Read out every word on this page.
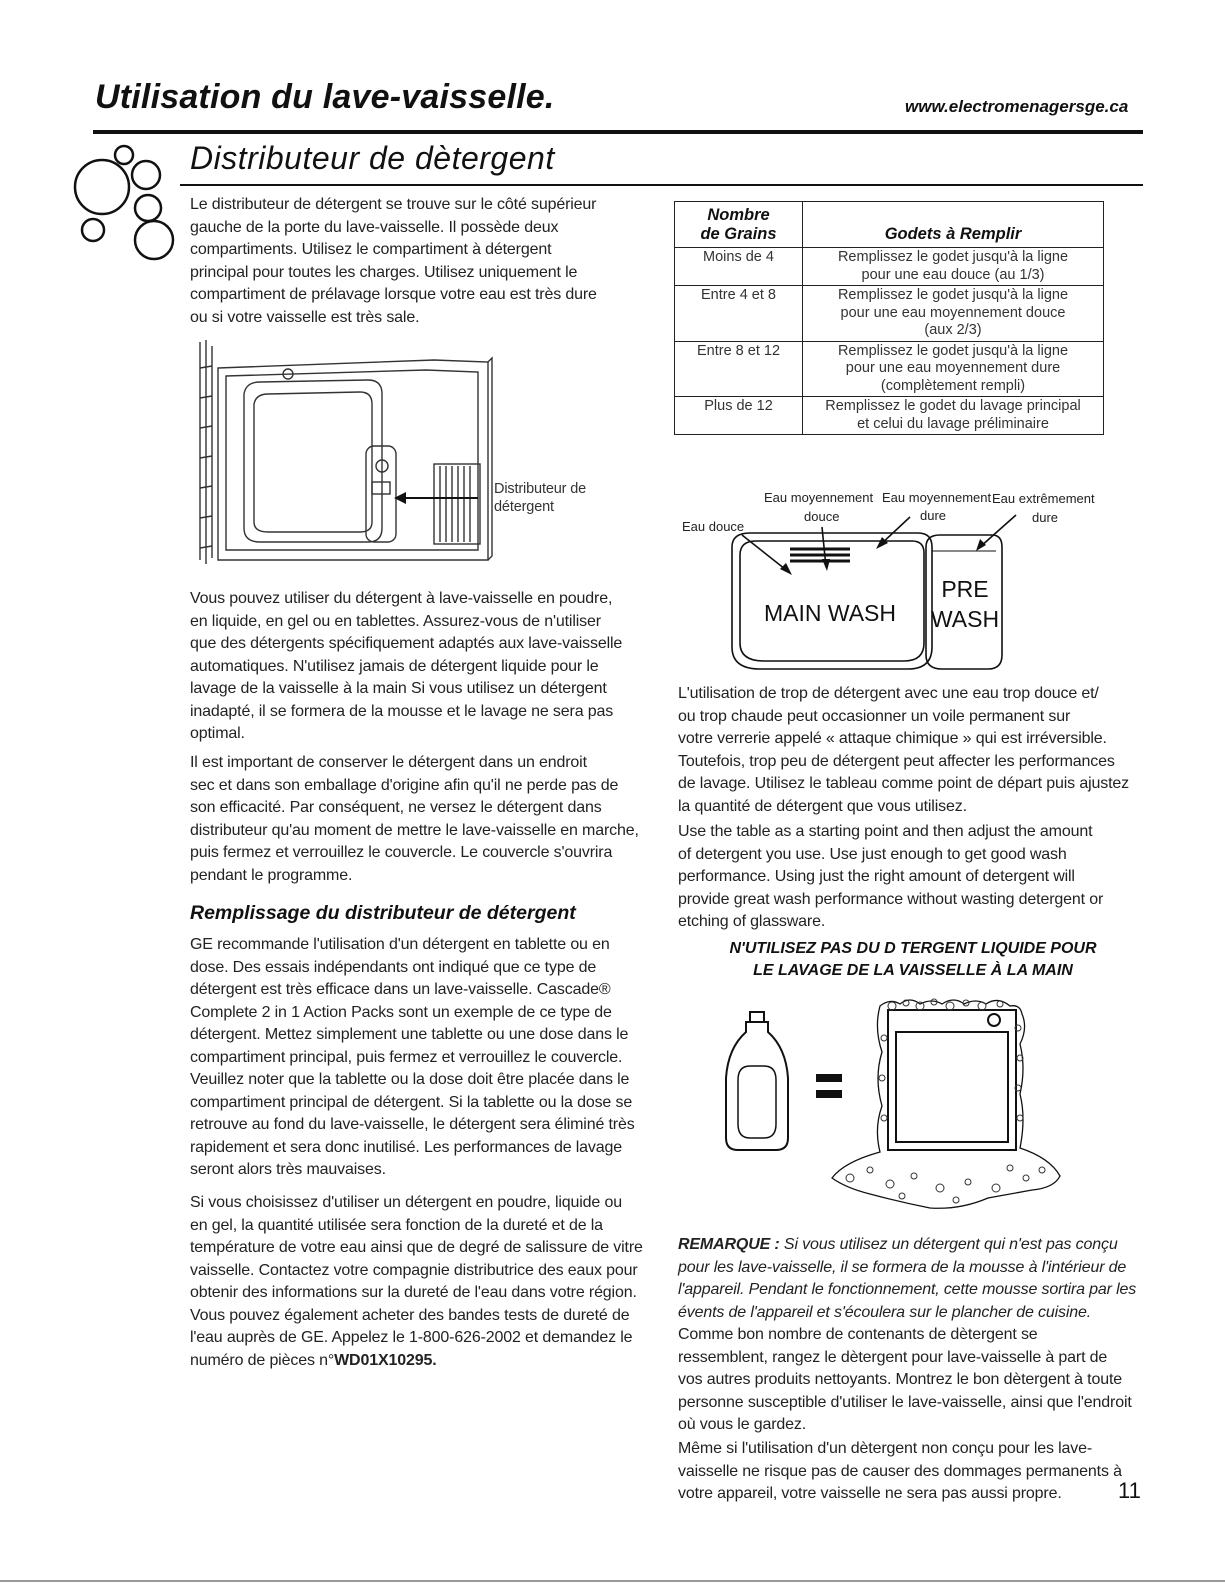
Utilisation du lave-vaisselle.	www.electromenagersge.ca
Distributeur de dètergent
Le distributeur de détergent se trouve sur le côté supérieur
gauche de la porte du lave-vaisselle. Il possède deux
compartiments. Utilisez le compartiment à détergent
principal pour toutes les charges. Utilisez uniquement le
compartiment de prélavage lorsque votre eau est très dure
ou si votre vaisselle est très sale.
Distributeur de
détergent
Vous pouvez utiliser du détergent à lave-vaisselle en poudre,
en liquide, en gel ou en tablettes. Assurez-vous de n'utiliser
que des détergents spécifiquement adaptés aux lave-vaisselle
automatiques. N'utilisez jamais de détergent liquide pour le
lavage de la vaisselle à la main Si vous utilisez un détergent
inadapté, il se formera de la mousse et le lavage ne sera pas
optimal.
Il est important de conserver le détergent dans un endroit
sec et dans son emballage d'origine afin qu'il ne perde pas de
son efficacité. Par conséquent, ne versez le détergent dans
distributeur qu'au moment de mettre le lave-vaisselle en marche,
puis fermez et verrouillez le couvercle. Le couvercle s'ouvrira
pendant le programme.
Remplissage du distributeur de détergent
GE recommande l'utilisation d'un détergent en tablette ou en
dose. Des essais indépendants ont indiqué que ce type de
détergent est très efficace dans un lave-vaisselle. Cascade®
Complete 2 in 1 Action Packs sont un exemple de ce type de
détergent. Mettez simplement une tablette ou une dose dans le
compartiment principal, puis fermez et verrouillez le couvercle.
Veuillez noter que la tablette ou la dose doit être placée dans le
compartiment principal de détergent. Si la tablette ou la dose se
retrouve au fond du lave-vaisselle, le détergent sera éliminé très
rapidement et sera donc inutilisé. Les performances de lavage
seront alors très mauvaises.
Si vous choisissez d'utiliser un détergent en poudre, liquide ou
en gel, la quantité utilisée sera fonction de la dureté et de la
température de votre eau ainsi que de degré de salissure de vitre
vaisselle. Contactez votre compagnie distributrice des eaux pour
obtenir des informations sur la dureté de l'eau dans votre région.
Vous pouvez également acheter des bandes tests de dureté de
l'eau auprès de GE. Appelez le 1-800-626-2002 et demandez le
numéro de pièces n°WD01X10295.
Nombre
de Grains	Godets à Remplir
Moins de 4	Remplissez le godet jusqu'à la ligne
pour une eau douce (au 1/3)

Entre 4 et 8	Remplissez le godet jusqu'à la ligne
pour une eau moyennement douce
(aux 2/3)

Entre 8 et 12	Remplissez le godet jusqu'à la ligne
pour une eau moyennement dure
(complètement rempli)

Plus de 12	Remplissez le godet du lavage principal
et celui du lavage préliminaire
Eau moyennement
douce
Eau douce
Eau moyennement
dure
Eau extrêmement
dure
MAIN WASH
PRE
WASH
L'utilisation de trop de détergent avec une eau trop douce et/
ou trop chaude peut occasionner un voile permanent sur
votre verrerie appelé « attaque chimique » qui est irréversible.
Toutefois, trop peu de détergent peut affecter les performances
de lavage. Utilisez le tableau comme point de départ puis ajustez
la quantité de détergent que vous utilisez.
Use the table as a starting point and then adjust the amount
of detergent you use. Use just enough to get good wash
performance. Using just the right amount of detergent will
provide great wash performance without wasting detergent or
etching of glassware.
N'UTILISEZ PAS DU D TERGENT LIQUIDE POUR
LE LAVAGE DE LA VAISSELLE À LA MAIN
REMARQUE : Si vous utilisez un détergent qui n'est pas conçu
pour les lave-vaisselle, il se formera de la mousse à l'intérieur de
l'appareil. Pendant le fonctionnement, cette mousse sortira par les
évents de l'appareil et s'écoulera sur le plancher de cuisine.
Comme bon nombre de contenants de dètergent se
ressemblent, rangez le dètergent pour lave-vaisselle à part de
vos autres produits nettoyants. Montrez le bon dètergent à toute
personne susceptible d'utiliser le lave-vaisselle, ainsi que l'endroit
où vous le gardez.
Même si l'utilisation d'un dètergent non conçu pour les lave-
vaisselle ne risque pas de causer des dommages permanents à
votre appareil, votre vaisselle ne sera pas aussi propre.	11
